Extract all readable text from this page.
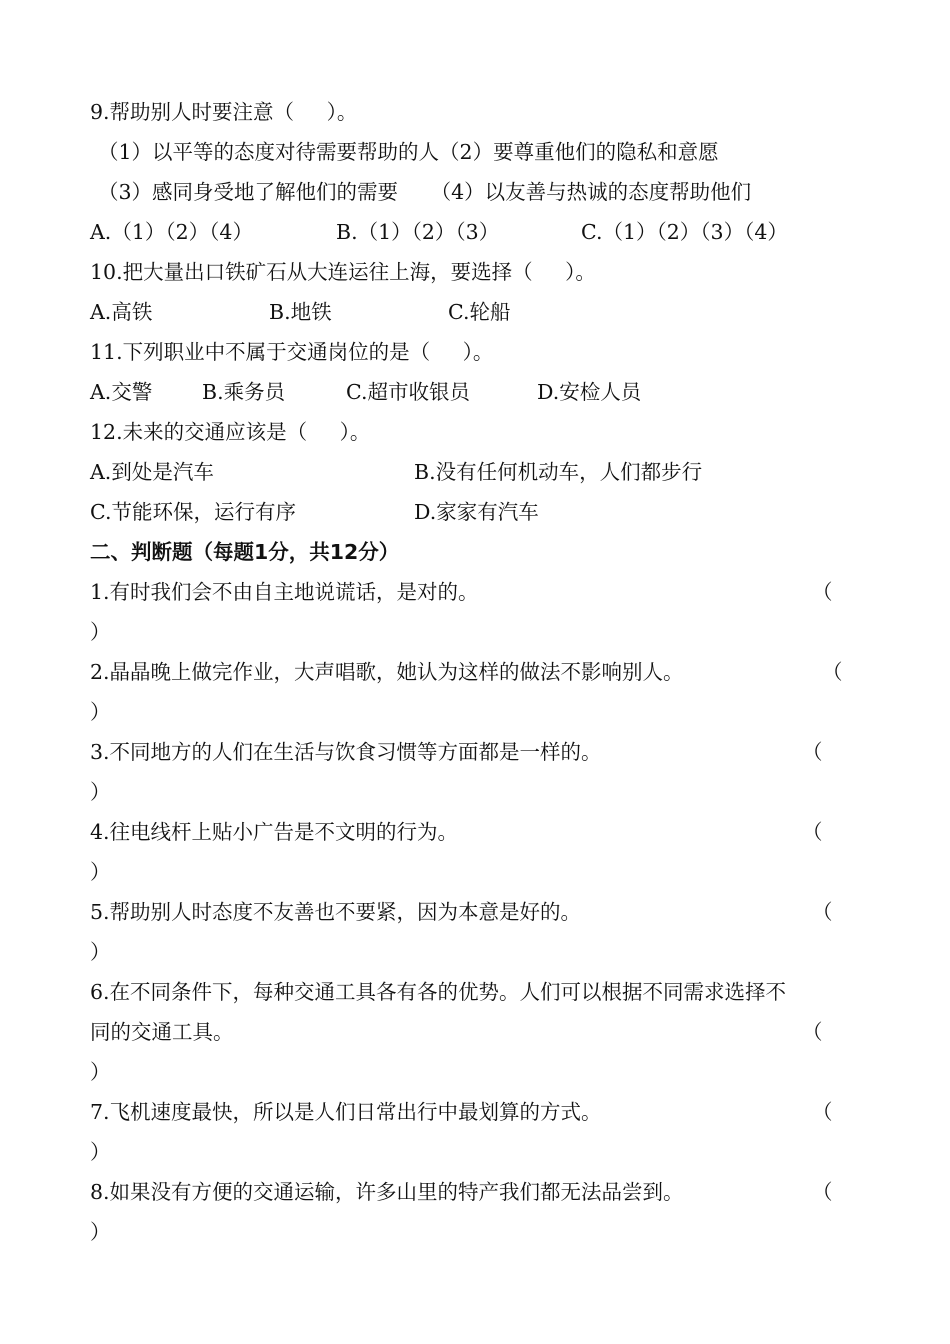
9.帮助别人时要注意（     ）。
（1）以平等的态度对待需要帮助的人（2）要尊重他们的隐私和意愿
（3）感同身受地了解他们的需要     （4）以友善与热诚的态度帮助他们
A.（1）（2）（4）	B.（1）（2）（3）	C.（1）（2）（3）（4）
10.把大量出口铁矿石从大连运往上海，要选择（     ）。
A.高铁	B.地铁	C.轮船
11.下列职业中不属于交通岗位的是（     ）。
A.交警 B.乘务员	C.超市收银员	D.安检人员
12.未来的交通应该是（     ）。
A.到处是汽车	B.没有任何机动车，人们都步行
C.节能环保，运行有序	D.家家有汽车
二、判断题（每题1分，共12分）
1.有时我们会不由自主地说谎话，是对的。	（
）
2.晶晶晚上做完作业，大声唱歌，她认为这样的做法不影响别人。	（
）
3.不同地方的人们在生活与饮食习惯等方面都是一样的。	（
）
4.往电线杆上贴小广告是不文明的行为。	（
）
5.帮助别人时态度不友善也不要紧，因为本意是好的。	（
）
6.在不同条件下，每种交通工具各有各的优势。人们可以根据不同需求选择不
同的交通工具。	（
）
7.飞机速度最快，所以是人们日常出行中最划算的方式。	（
）
8.如果没有方便的交通运输，许多山里的特产我们都无法品尝到。	（
）
